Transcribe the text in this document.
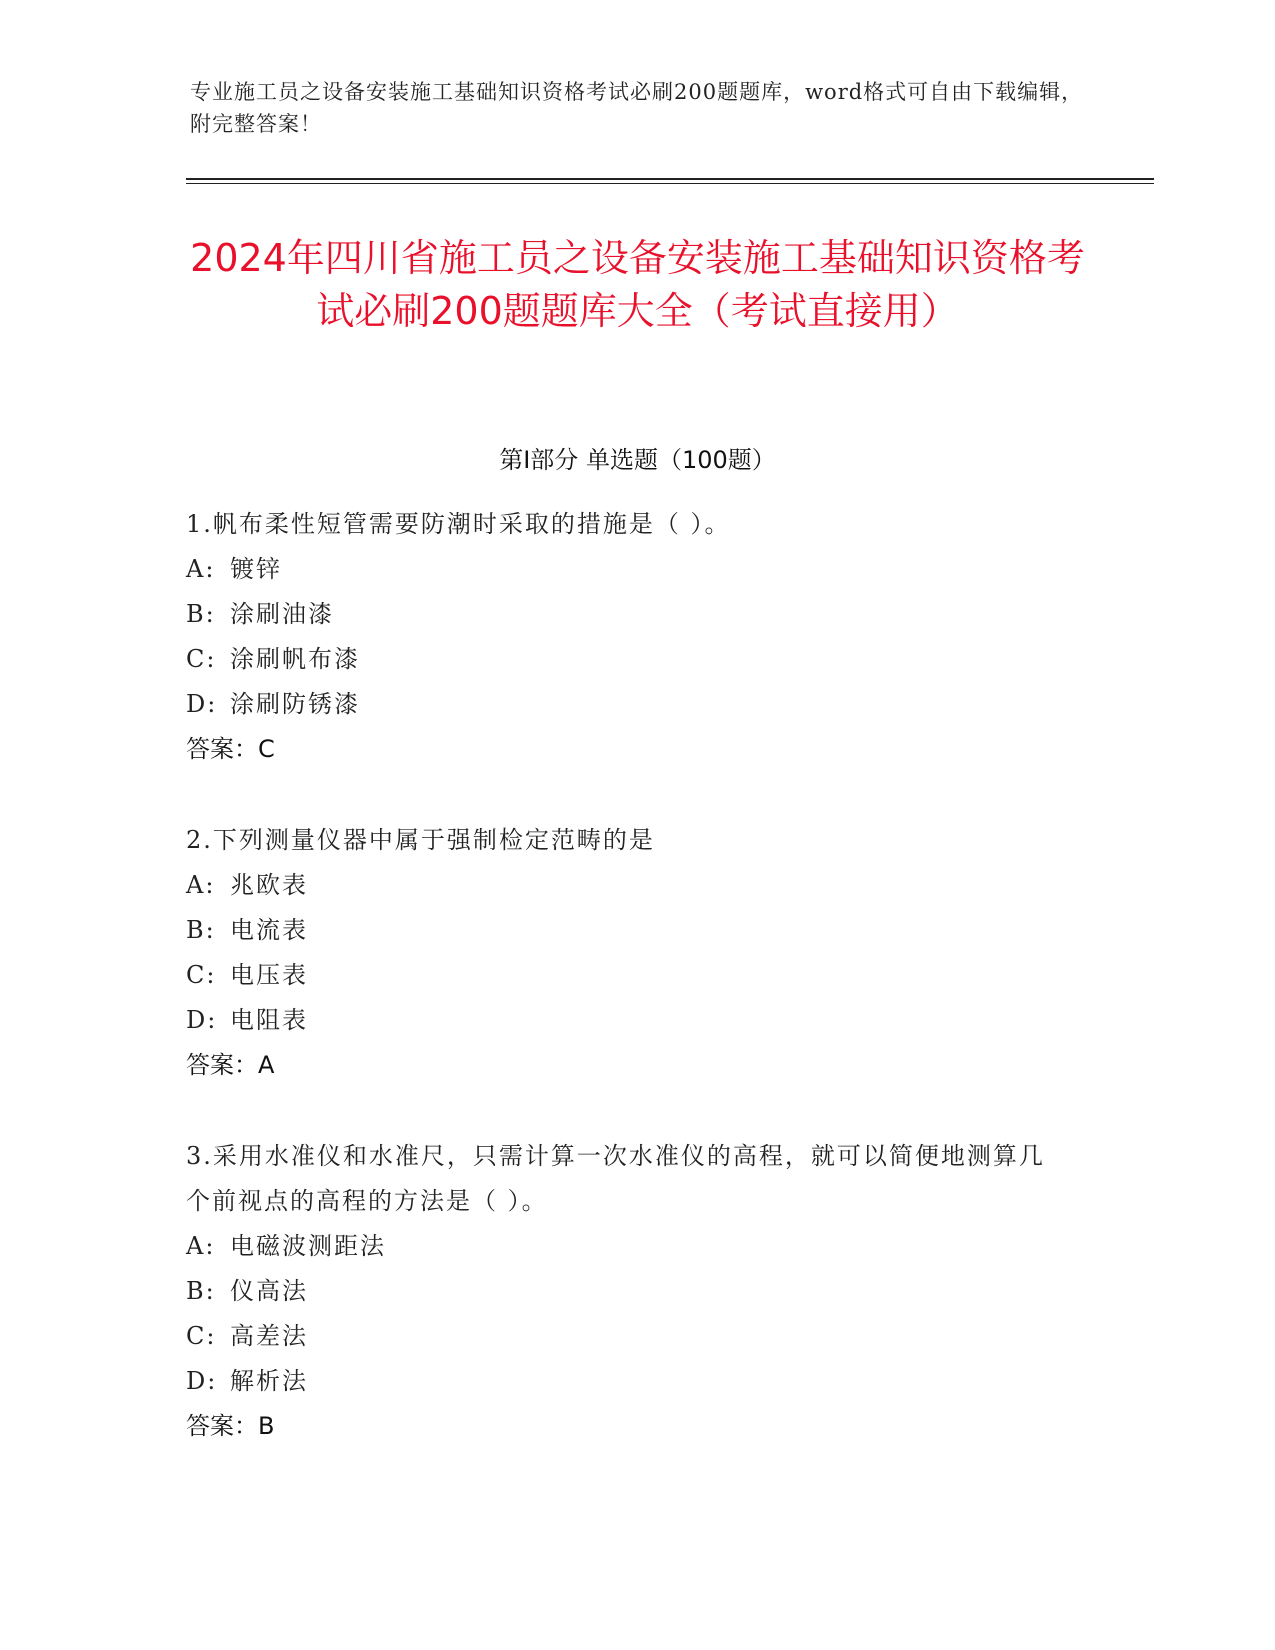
专业施工员之设备安装施工基础知识资格考试必刷200题题库，word格式可自由下载编辑，附完整答案！
2024年四川省施工员之设备安装施工基础知识资格考试必刷200题题库大全（考试直接用）
第Ⅰ部分 单选题（100题）
1.帆布柔性短管需要防潮时采取的措施是（ ）。
A: 镀锌
B: 涂刷油漆
C: 涂刷帆布漆
D: 涂刷防锈漆
答案：C
2.下列测量仪器中属于强制检定范畴的是
A: 兆欧表
B: 电流表
C: 电压表
D: 电阻表
答案：A
3.采用水准仪和水准尺，只需计算一次水准仪的高程，就可以简便地测算几个前视点的高程的方法是（ ）。
A: 电磁波测距法
B: 仪高法
C: 高差法
D: 解析法
答案：B
